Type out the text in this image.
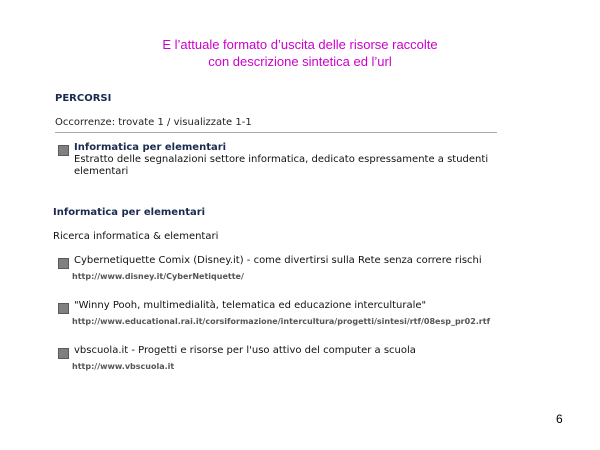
E l’attuale formato d’uscita delle risorse raccolte
con descrizione sintetica ed l’url
PERCORSI
Occorrenze: trovate 1 / visualizzate 1-1
Informatica per elementari
Estratto delle segnalazioni settore informatica, dedicato espressamente a studenti elementari
Informatica per elementari
Ricerca informatica & elementari
Cybernetiquette Comix (Disney.it) - come divertirsi sulla Rete senza correre rischi
http://www.disney.it/CyberNetiquette/
"Winny Pooh, multimedialità, telematica ed educazione interculturale"
http://www.educational.rai.it/corsiformazione/intercultura/progetti/sintesi/rtf/08esp_pr02.rtf
vbscuola.it - Progetti e risorse per l'uso attivo del computer a scuola
http://www.vbscuola.it
6
